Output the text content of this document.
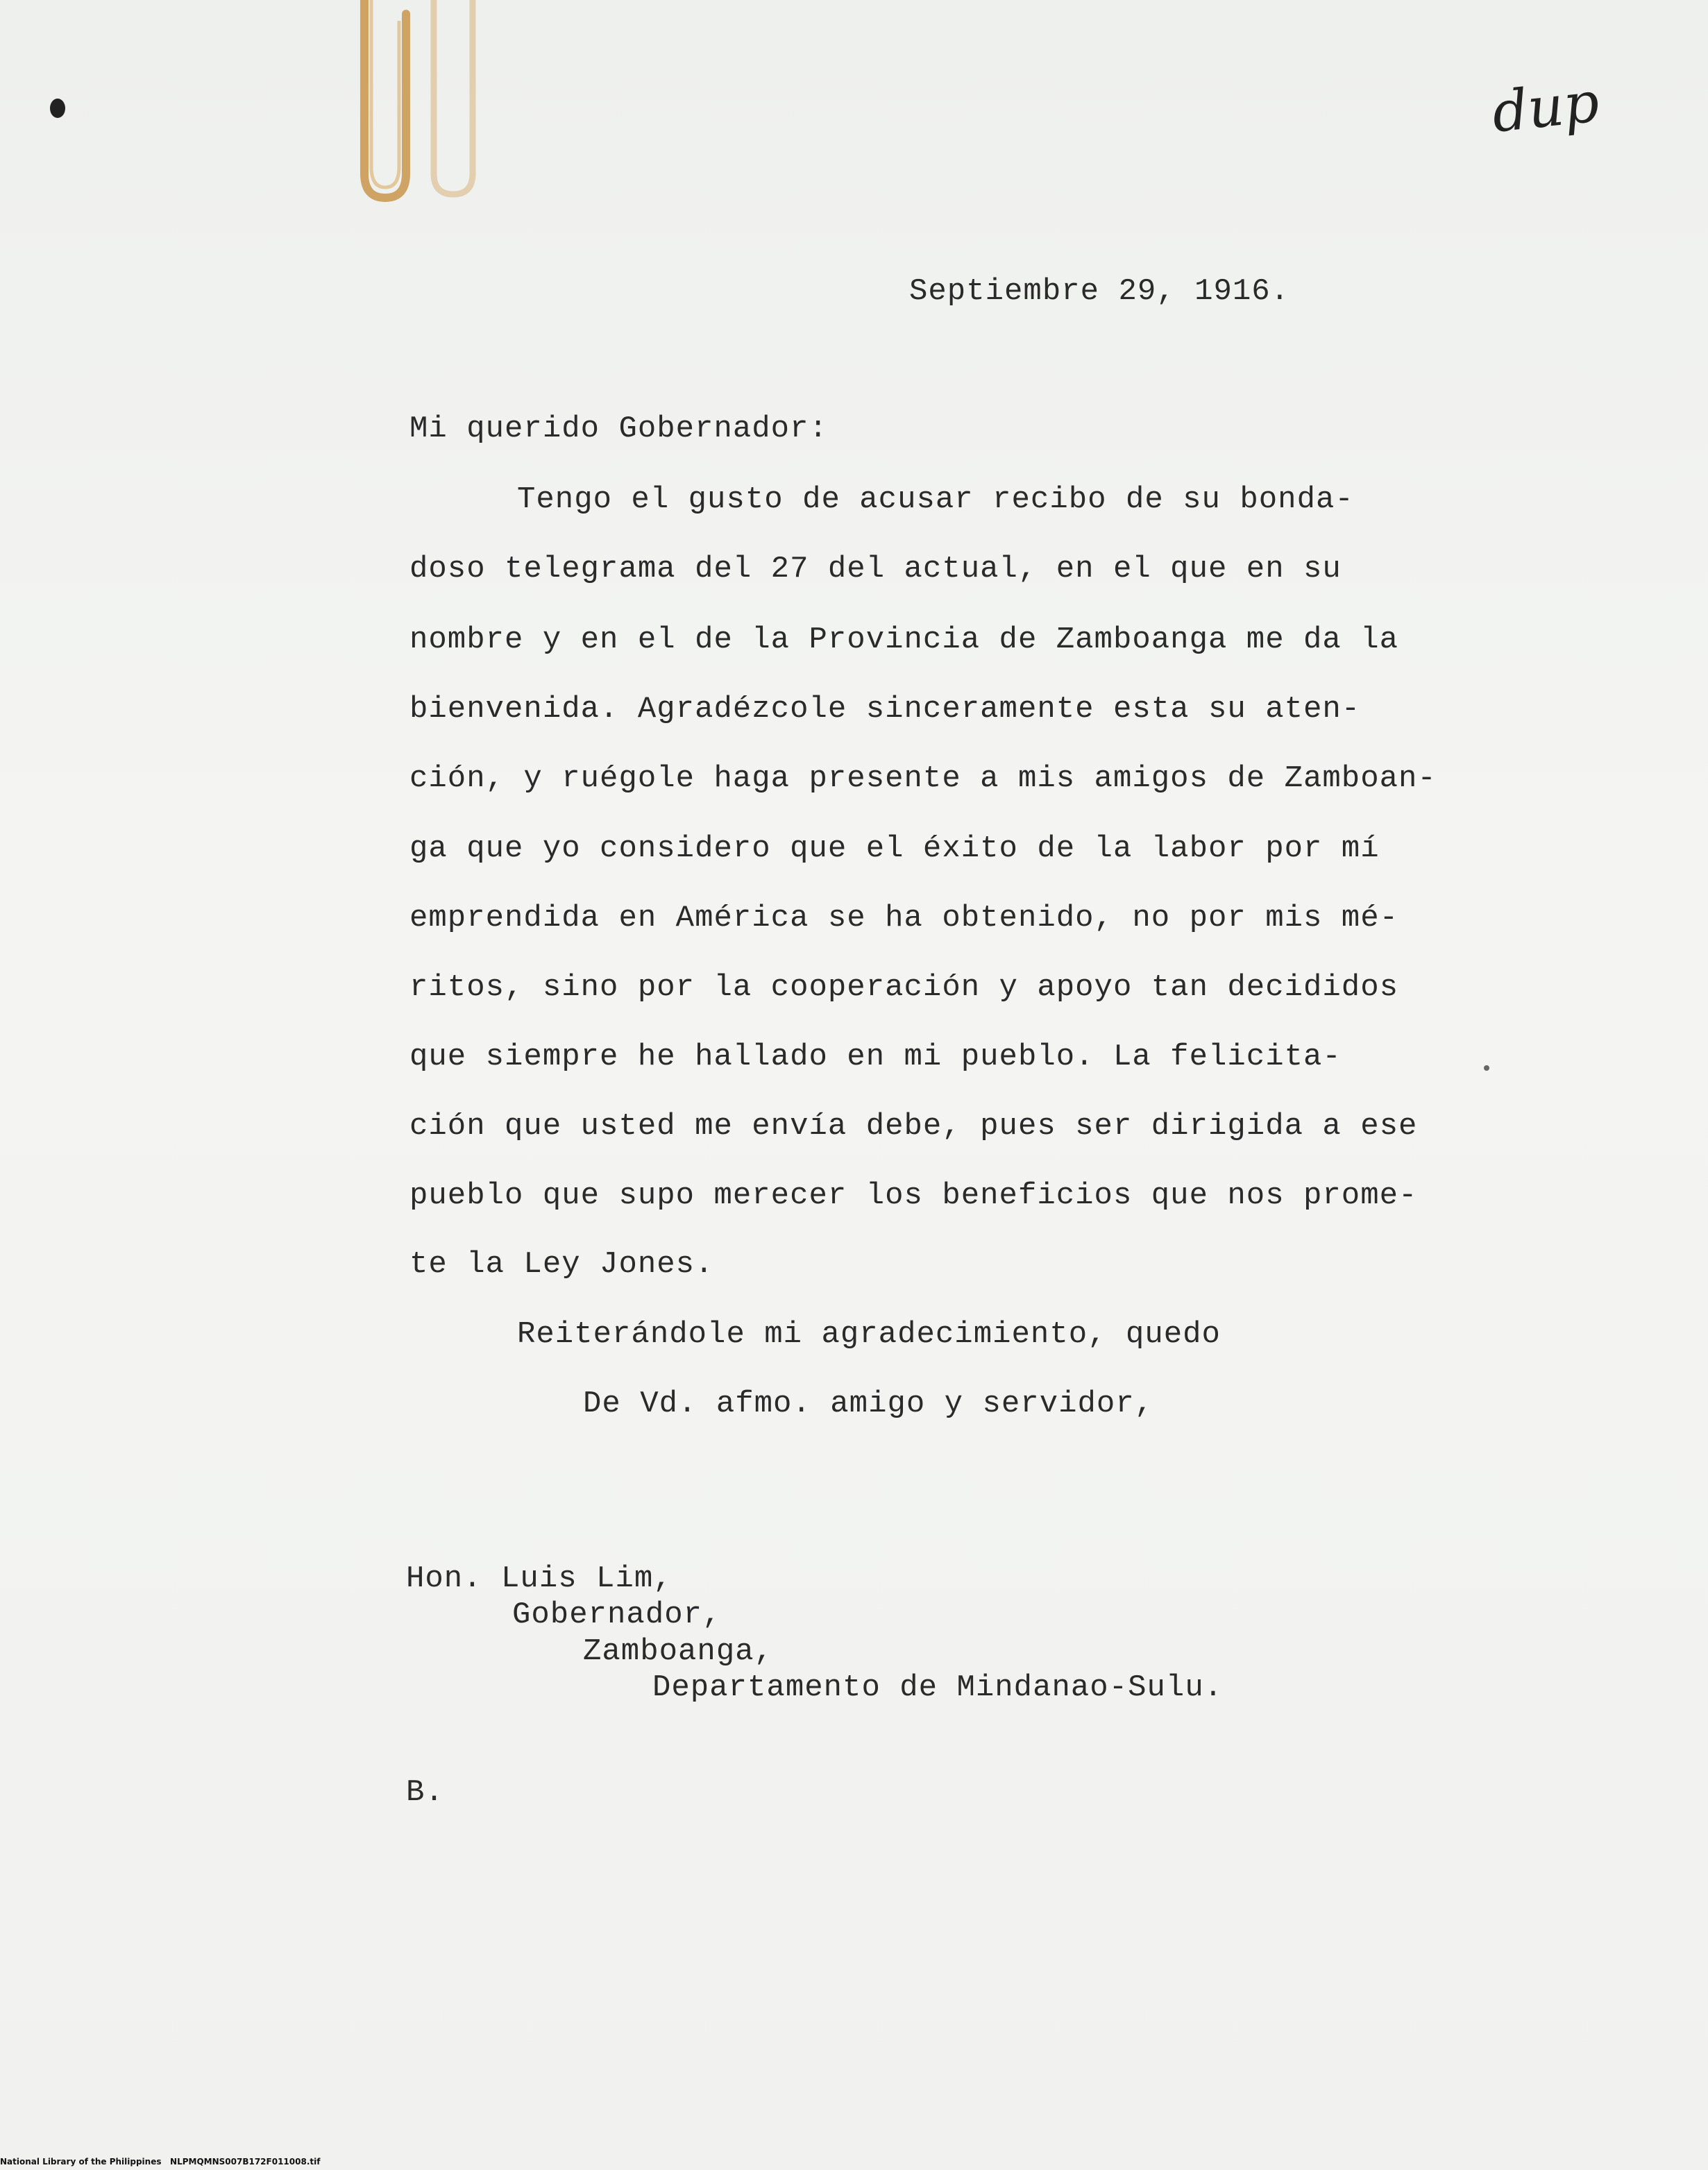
dup
Septiembre 29, 1916.
Mi querido Gobernador:
Tengo el gusto de acusar recibo de su bonda-
doso telegrama del 27 del actual, en el que en su
nombre y en el de la Provincia de Zamboanga me da la
bienvenida. Agradézcole sinceramente esta su aten-
ción, y ruégole haga presente a mis amigos de Zamboan-
ga que yo considero que el éxito de la labor por mí
emprendida en América se ha obtenido, no por mis mé-
ritos, sino por la cooperación y apoyo tan decididos
que siempre he hallado en mi pueblo. La felicita-
ción que usted me envía debe, pues ser dirigida a ese
pueblo que supo merecer los beneficios que nos prome-
te la Ley Jones.
Reiterándole mi agradecimiento, quedo
De Vd. afmo. amigo y servidor,
Hon. Luis Lim,
Gobernador,
Zamboanga,
Departamento de Mindanao-Sulu.
B.
National Library of the Philippines NLPMQMNS007B172F011008.tif
